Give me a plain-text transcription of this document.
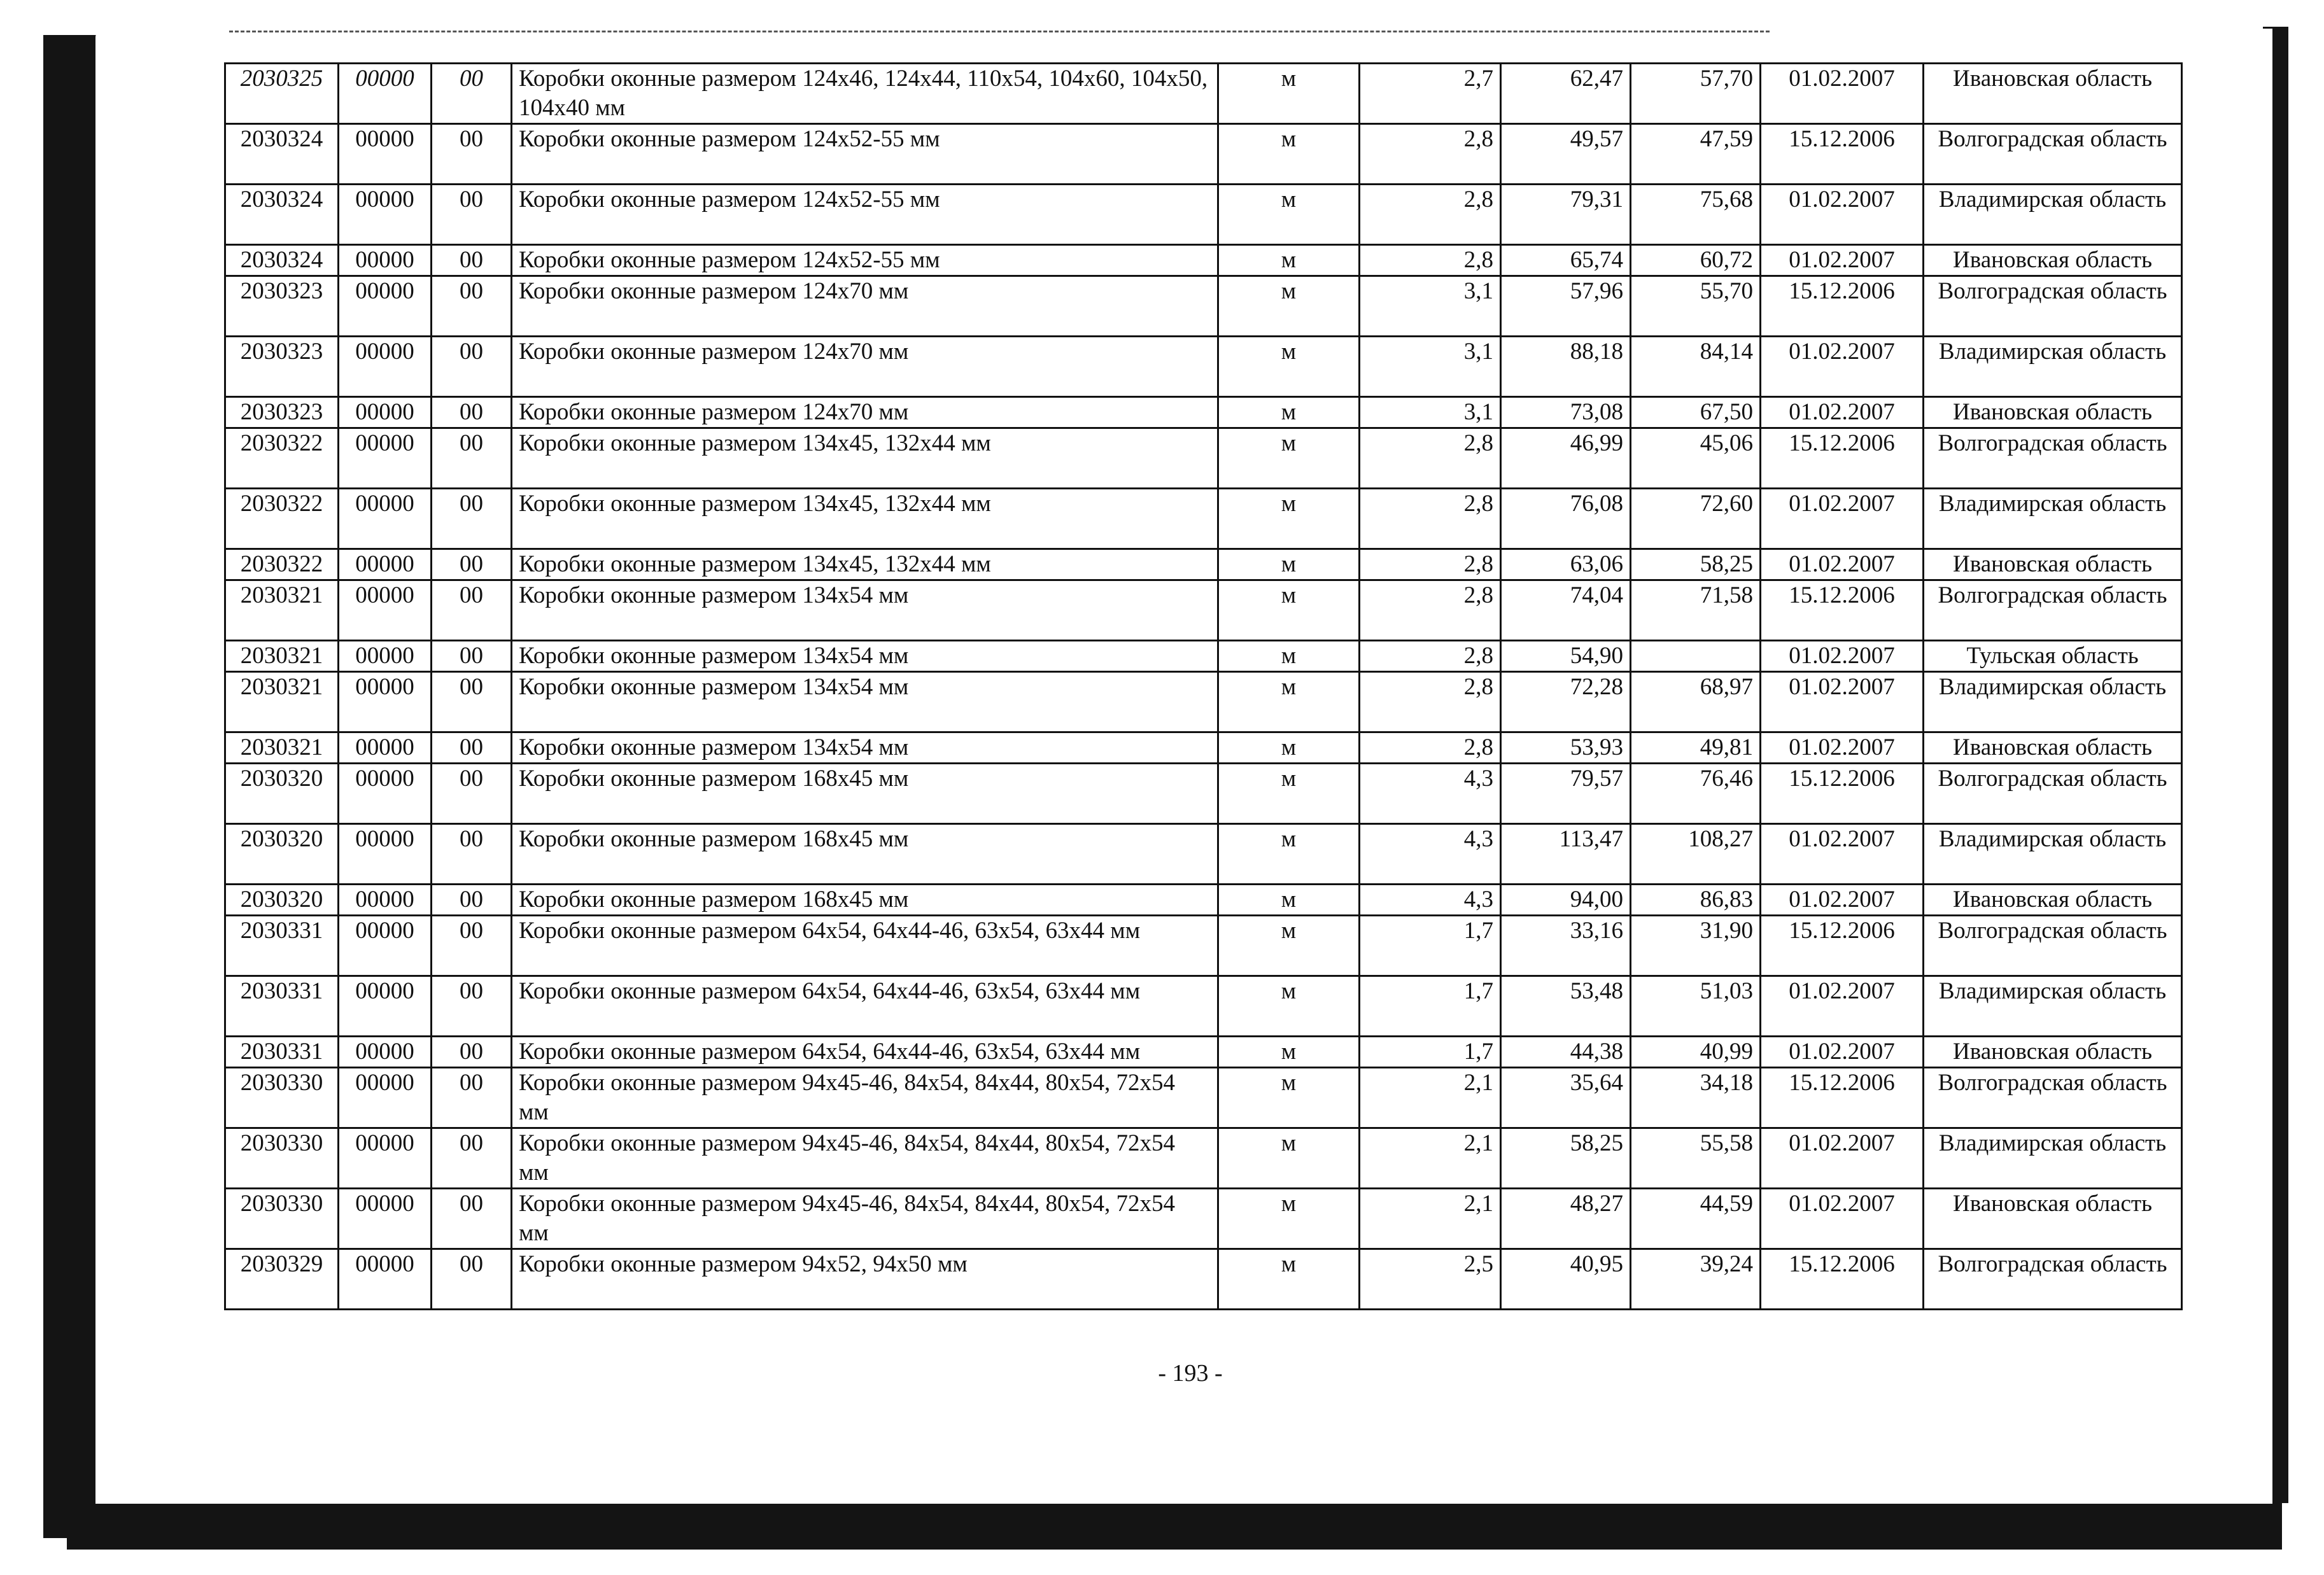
2030325	00000	00	Коробки оконные размером 124х46, 124х44, 110х54, 104х60, 104х50, 104х40 мм	м	2,7	62,47	57,70	01.02.2007	Ивановская область
2030324	00000	00	Коробки оконные размером 124х52-55 мм	м	2,8	49,57	47,59	15.12.2006	Волгоградская область
2030324	00000	00	Коробки оконные размером 124х52-55 мм	м	2,8	79,31	75,68	01.02.2007	Владимирская область
2030324	00000	00	Коробки оконные размером 124х52-55 мм	м	2,8	65,74	60,72	01.02.2007	Ивановская область
2030323	00000	00	Коробки оконные размером 124х70 мм	м	3,1	57,96	55,70	15.12.2006	Волгоградская область
2030323	00000	00	Коробки оконные размером 124х70 мм	м	3,1	88,18	84,14	01.02.2007	Владимирская область
2030323	00000	00	Коробки оконные размером 124х70 мм	м	3,1	73,08	67,50	01.02.2007	Ивановская область
2030322	00000	00	Коробки оконные размером 134х45, 132х44 мм	м	2,8	46,99	45,06	15.12.2006	Волгоградская область
2030322	00000	00	Коробки оконные размером 134х45, 132х44 мм	м	2,8	76,08	72,60	01.02.2007	Владимирская область
2030322	00000	00	Коробки оконные размером 134х45, 132х44 мм	м	2,8	63,06	58,25	01.02.2007	Ивановская область
2030321	00000	00	Коробки оконные размером 134х54 мм	м	2,8	74,04	71,58	15.12.2006	Волгоградская область
2030321	00000	00	Коробки оконные размером 134х54 мм	м	2,8	54,90		01.02.2007	Тульская область
2030321	00000	00	Коробки оконные размером 134х54 мм	м	2,8	72,28	68,97	01.02.2007	Владимирская область
2030321	00000	00	Коробки оконные размером 134х54 мм	м	2,8	53,93	49,81	01.02.2007	Ивановская область
2030320	00000	00	Коробки оконные размером 168х45 мм	м	4,3	79,57	76,46	15.12.2006	Волгоградская область
2030320	00000	00	Коробки оконные размером 168х45 мм	м	4,3	113,47	108,27	01.02.2007	Владимирская область
2030320	00000	00	Коробки оконные размером 168х45 мм	м	4,3	94,00	86,83	01.02.2007	Ивановская область
2030331	00000	00	Коробки оконные размером 64х54, 64х44-46, 63х54, 63х44 мм	м	1,7	33,16	31,90	15.12.2006	Волгоградская область
2030331	00000	00	Коробки оконные размером 64х54, 64х44-46, 63х54, 63х44 мм	м	1,7	53,48	51,03	01.02.2007	Владимирская область
2030331	00000	00	Коробки оконные размером 64х54, 64х44-46, 63х54, 63х44 мм	м	1,7	44,38	40,99	01.02.2007	Ивановская область
2030330	00000	00	Коробки оконные размером 94х45-46, 84х54, 84х44, 80х54, 72х54 мм	м	2,1	35,64	34,18	15.12.2006	Волгоградская область
2030330	00000	00	Коробки оконные размером 94х45-46, 84х54, 84х44, 80х54, 72х54 мм	м	2,1	58,25	55,58	01.02.2007	Владимирская область
2030330	00000	00	Коробки оконные размером 94х45-46, 84х54, 84х44, 80х54, 72х54 мм	м	2,1	48,27	44,59	01.02.2007	Ивановская область
2030329	00000	00	Коробки оконные размером 94х52, 94х50 мм	м	2,5	40,95	39,24	15.12.2006	Волгоградская область
- 193 -
